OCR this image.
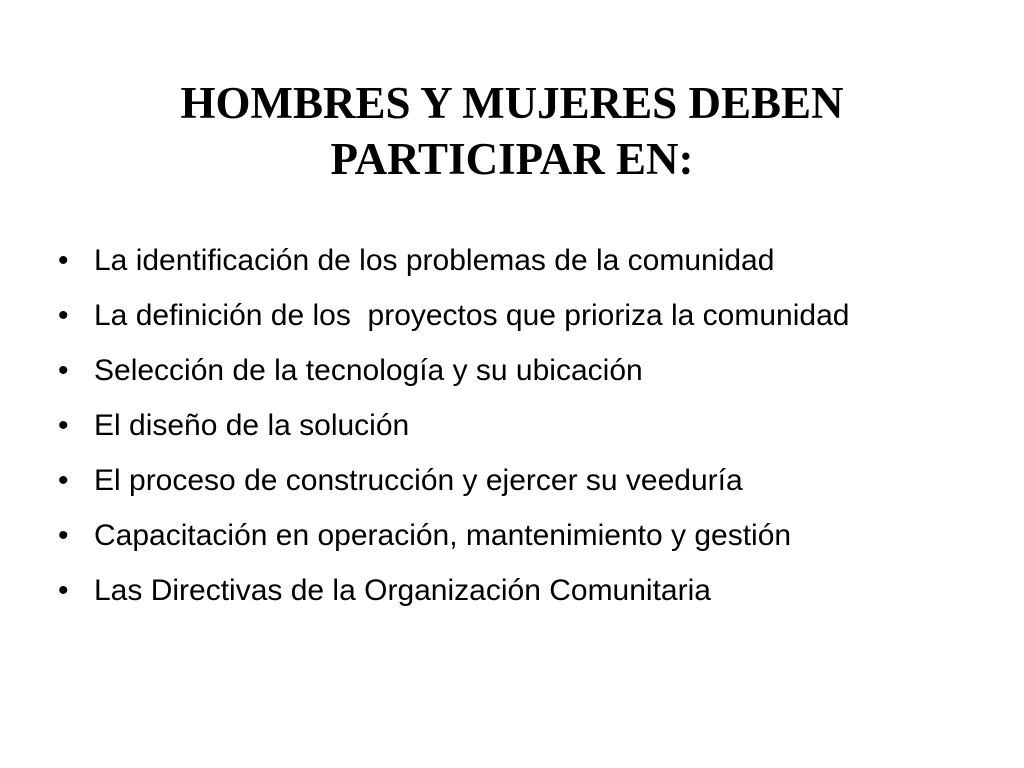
HOMBRES Y MUJERES DEBEN
PARTICIPAR EN:
• La identificación de los problemas de la comunidad
• La definición de los  proyectos que prioriza la comunidad
• Selección de la tecnología y su ubicación
• El diseño de la solución
• El proceso de construcción y ejercer su veeduría
• Capacitación en operación, mantenimiento y gestión
• Las Directivas de la Organización Comunitaria
